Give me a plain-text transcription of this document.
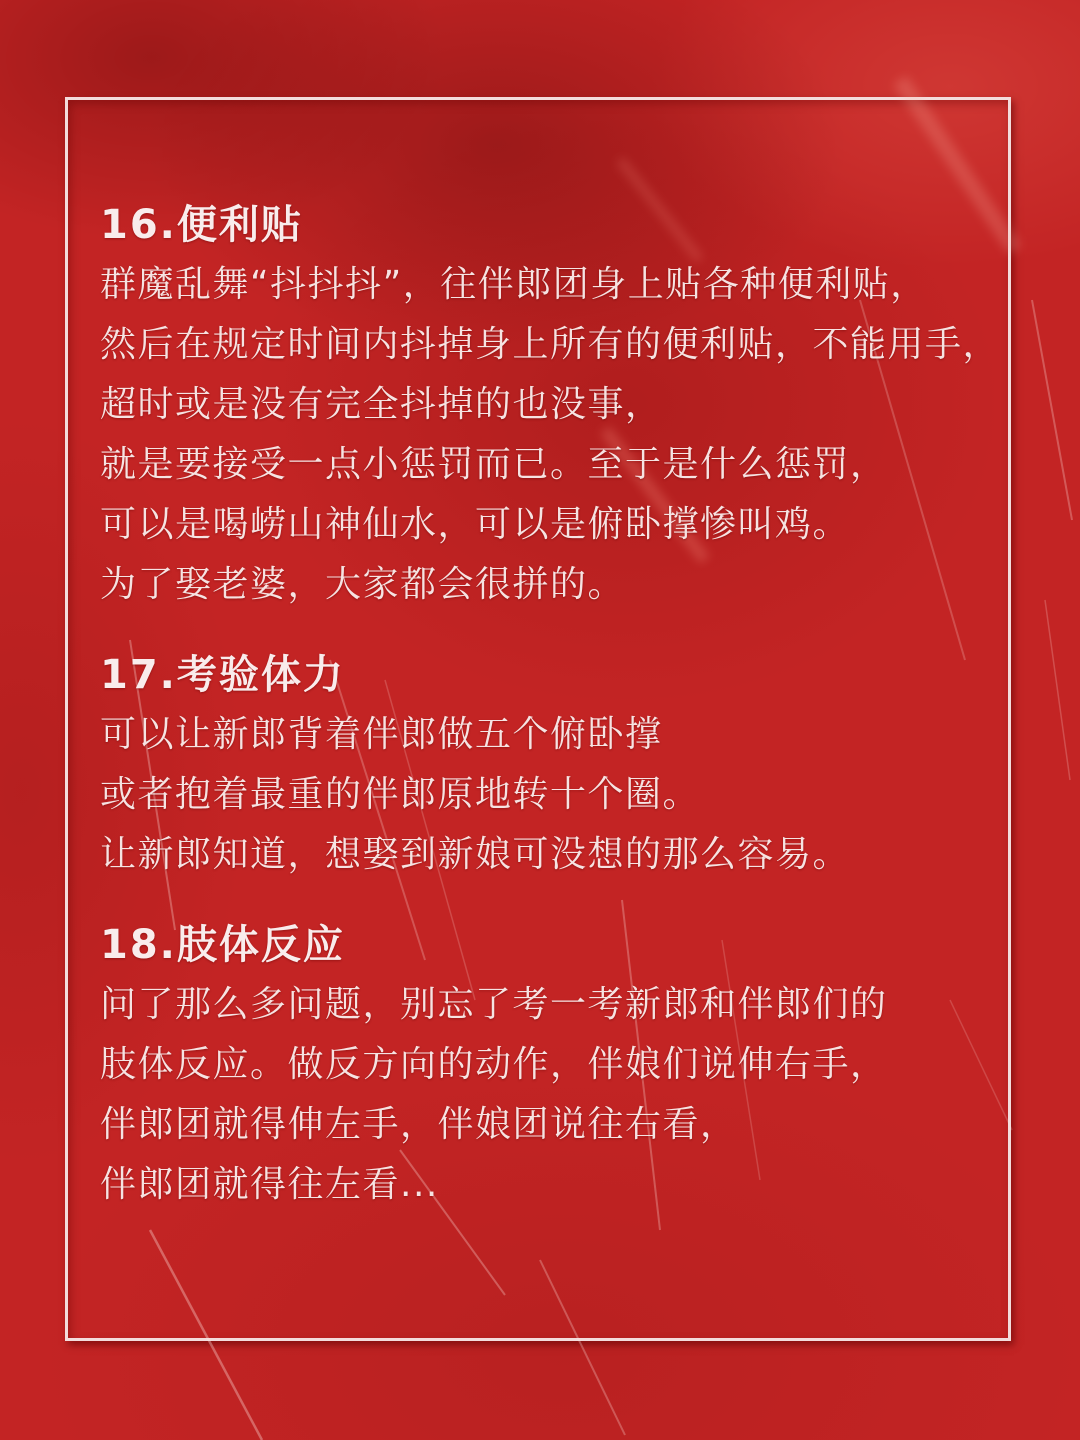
16.便利贴
群魔乱舞“抖抖抖”，往伴郎团身上贴各种便利贴，
然后在规定时间内抖掉身上所有的便利贴，不能用手，
超时或是没有完全抖掉的也没事，
就是要接受一点小惩罚而已。至于是什么惩罚，
可以是喝崂山神仙水，可以是俯卧撑惨叫鸡。
为了娶老婆，大家都会很拼的。
17.考验体力
可以让新郎背着伴郎做五个俯卧撑
或者抱着最重的伴郎原地转十个圈。
让新郎知道，想娶到新娘可没想的那么容易。
18.肢体反应
问了那么多问题，别忘了考一考新郎和伴郎们的
肢体反应。做反方向的动作，伴娘们说伸右手，
伴郎团就得伸左手，伴娘团说往右看，
伴郎团就得往左看...
